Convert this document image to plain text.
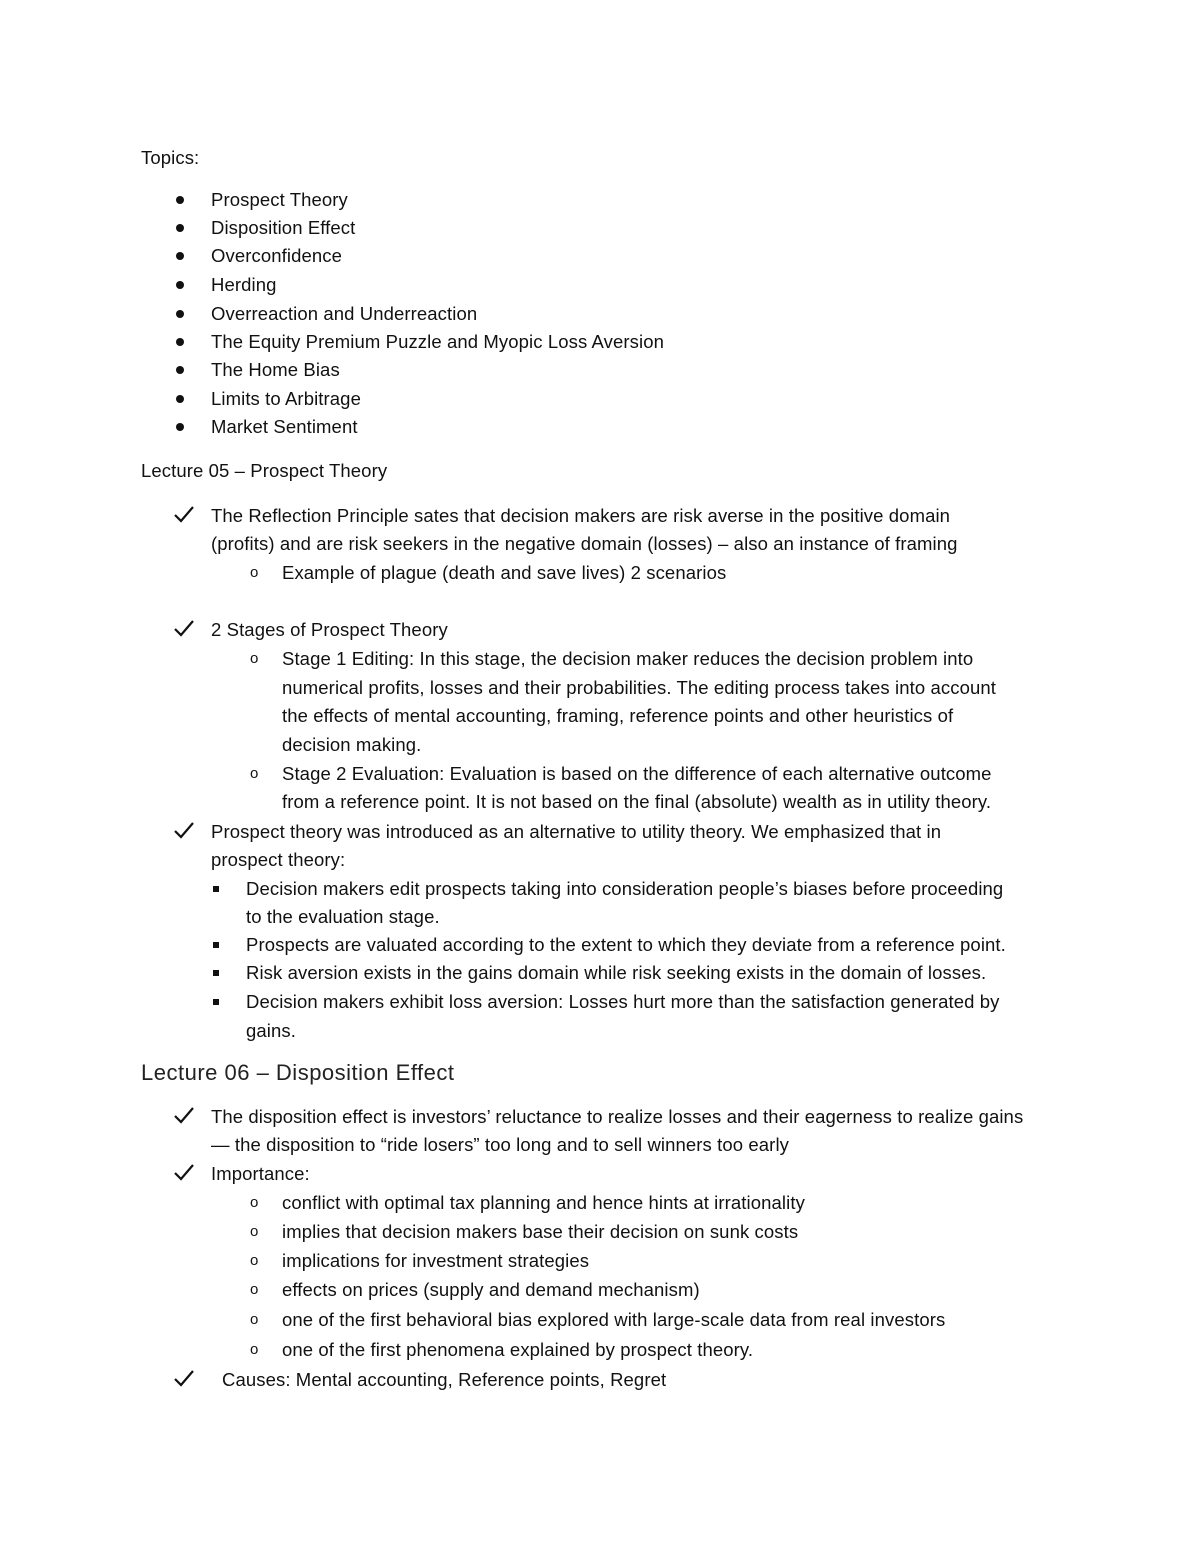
Topics:
Prospect Theory
Disposition Effect
Overconfidence
Herding
Overreaction and Underreaction
The Equity Premium Puzzle and Myopic Loss Aversion
The Home Bias
Limits to Arbitrage
Market Sentiment
Lecture 05 – Prospect Theory
The Reflection Principle sates that decision makers are risk averse in the positive domain
(profits) and are risk seekers in the negative domain (losses) – also an instance of framing
o Example of plague (death and save lives) 2 scenarios
2 Stages of Prospect Theory
o Stage 1 Editing: In this stage, the decision maker reduces the decision problem into
numerical profits, losses and their probabilities. The editing process takes into account
the effects of mental accounting, framing, reference points and other heuristics of
decision making.
o Stage 2 Evaluation: Evaluation is based on the difference of each alternative outcome
from a reference point. It is not based on the final (absolute) wealth as in utility theory.
Prospect theory was introduced as an alternative to utility theory. We emphasized that in
prospect theory:
Decision makers edit prospects taking into consideration people’s biases before proceeding
to the evaluation stage.
Prospects are valuated according to the extent to which they deviate from a reference point.
Risk aversion exists in the gains domain while risk seeking exists in the domain of losses.
Decision makers exhibit loss aversion: Losses hurt more than the satisfaction generated by
gains.
Lecture 06 – Disposition Effect
The disposition effect is investors’ reluctance to realize losses and their eagerness to realize gains
— the disposition to “ride losers” too long and to sell winners too early
Importance:
o conflict with optimal tax planning and hence hints at irrationality
o implies that decision makers base their decision on sunk costs
o implications for investment strategies
o effects on prices (supply and demand mechanism)
o one of the first behavioral bias explored with large-scale data from real investors
o one of the first phenomena explained by prospect theory.
Causes: Mental accounting, Reference points, Regret
